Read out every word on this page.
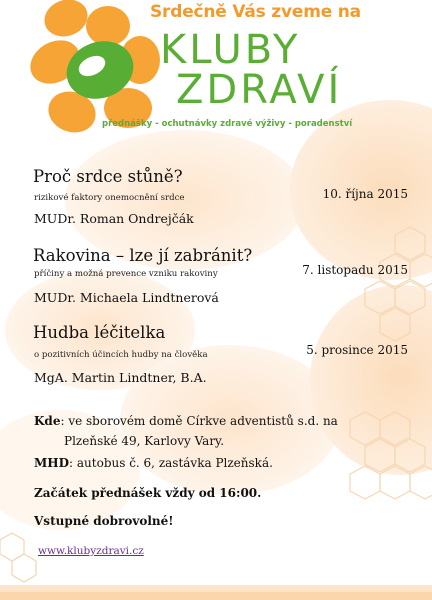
Srdečně Vás zveme na
KLUBY
ZDRAVÍ
přednášky - ochutnávky zdravé výživy - poradenství
Proč srdce stůně?
rizikové faktory onemocnění srdce	10. října 2015
MUDr. Roman Ondrejčák
Rakovina – lze jí zabránit?
příčiny a možná prevence vzniku rakoviny	7. listopadu 2015
MUDr. Michaela Lindtnerová
Hudba léčitelka
o pozitivních účincích hudby na člověka	5. prosince 2015
MgA. Martin Lindtner, B.A.
Kde: ve sborovém domě Církve adventistů s.d. na
Plzeňské 49, Karlovy Vary.
MHD: autobus č. 6, zastávka Plzeňská.
Začátek přednášek vždy od 16:00.
Vstupné dobrovolné!
www.klubyzdravi.cz
